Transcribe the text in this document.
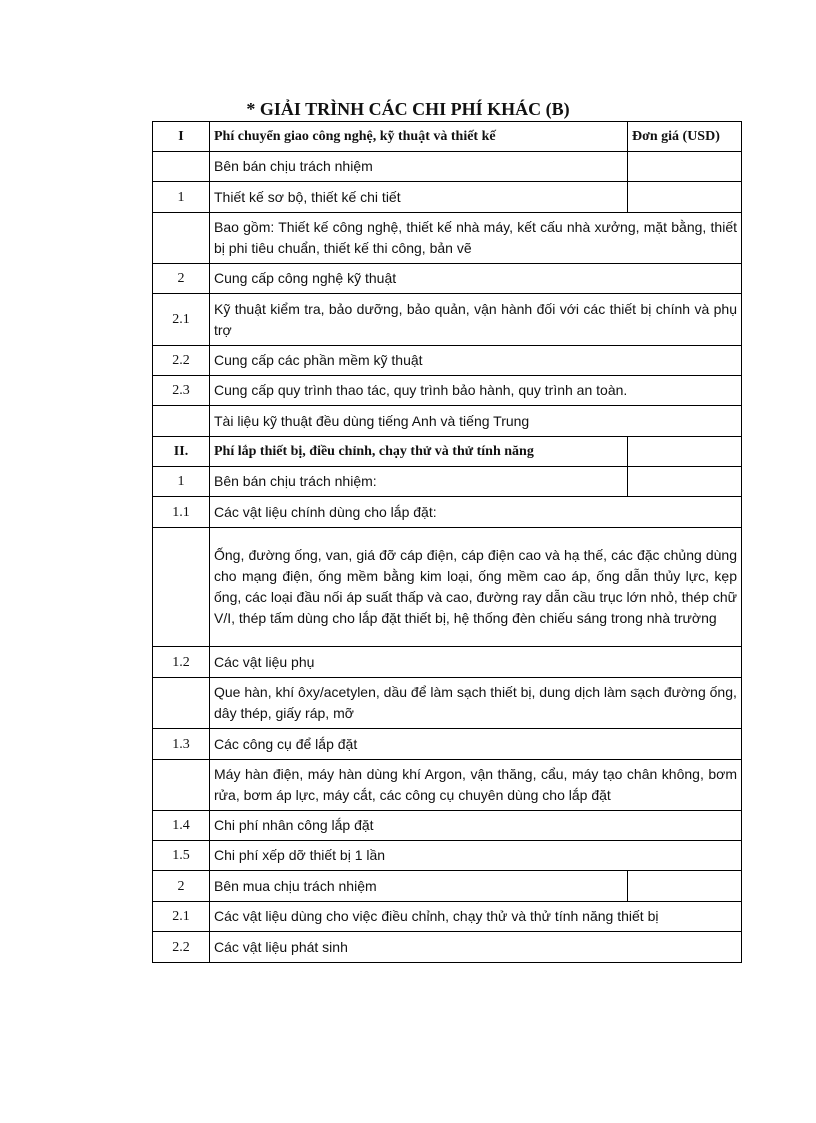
* GIẢI TRÌNH CÁC CHI PHÍ KHÁC (B)
I	Phí chuyển giao công nghệ, kỹ thuật và thiết kế	Đơn giá (USD)
	Bên bán chịu trách nhiệm	
1	Thiết kế sơ bộ, thiết kế chi tiết	
	Bao gồm: Thiết kế công nghệ, thiết kế nhà máy, kết cấu nhà xưởng, mặt bằng, thiết bị phi tiêu chuẩn, thiết kế thi công, bản vẽ	
2	Cung cấp công nghệ kỹ thuật	
2.1	Kỹ thuật kiểm tra, bảo dưỡng, bảo quản, vận hành đối với các thiết bị chính và phụ trợ	
2.2	Cung cấp các phần mềm kỹ thuật	
2.3	Cung cấp quy trình thao tác, quy trình bảo hành, quy trình an toàn.	
	Tài liệu kỹ thuật đều dùng tiếng Anh và tiếng Trung	
II.	Phí lắp thiết bị, điều chỉnh, chạy thử và thử tính năng	
1	Bên bán chịu trách nhiệm:	
1.1	Các vật liệu chính dùng cho lắp đặt:	
	Ống, đường ống, van, giá đỡ cáp điện, cáp điện cao và hạ thế, các đặc chủng dùng cho mạng điện, ống mềm bằng kim loại, ống mềm cao áp, ống dẫn thủy lực, kẹp ống, các loại đầu nối áp suất thấp và cao, đường ray dẫn cầu trục lớn nhỏ, thép chữ V/I, thép tấm dùng cho lắp đặt thiết bị, hệ thống đèn chiếu sáng trong nhà trường	
1.2	Các vật liệu phụ	
	Que hàn, khí ôxy/acetylen, dầu để làm sạch thiết bị, dung dịch làm sạch đường ống, dây thép, giấy ráp, mỡ	
1.3	Các công cụ để lắp đặt	
	Máy hàn điện, máy hàn dùng khí Argon, vận thăng, cẩu, máy tạo chân không, bơm rửa, bơm áp lực, máy cắt, các công cụ chuyên dùng cho lắp đặt	
1.4	Chi phí nhân công lắp đặt	
1.5	Chi phí xếp dỡ thiết bị 1 lần	
2	Bên mua chịu trách nhiệm	
2.1	Các vật liệu dùng cho việc điều chỉnh, chạy thử và thử tính năng thiết bị	
2.2	Các vật liệu phát sinh	
